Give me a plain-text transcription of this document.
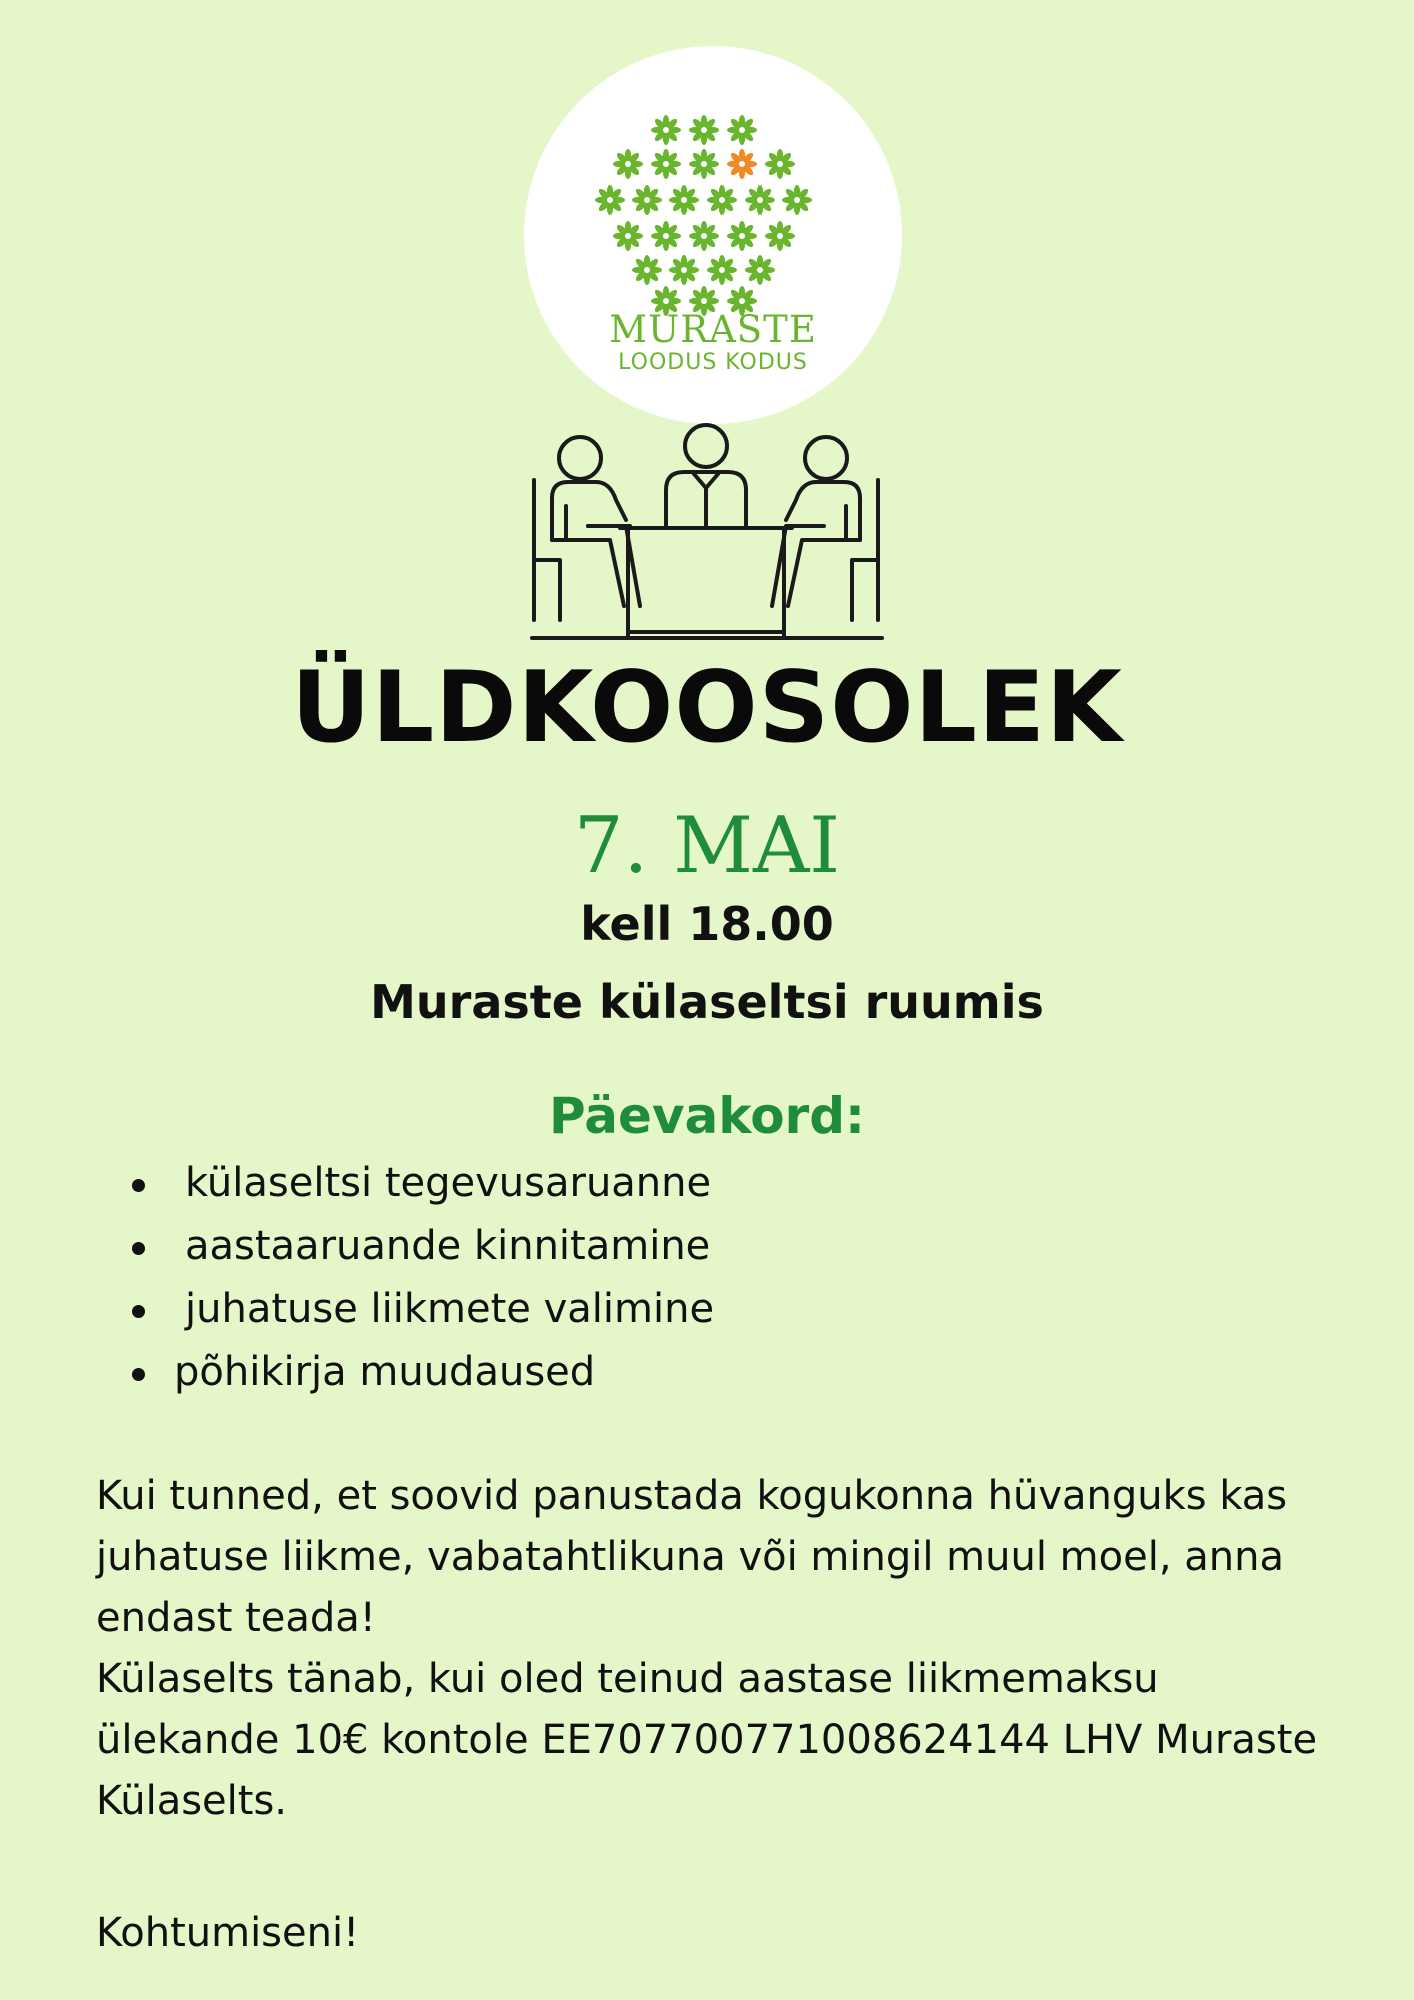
MURASTE
LOODUS KODUS
ÜLDKOOSOLEK
7. MAI
kell 18.00
Muraste külaseltsi ruumis
Päevakord:
külaseltsi tegevusaruanne
aastaaruande kinnitamine
juhatuse liikmete valimine
põhikirja muudaused
Kui tunned, et soovid panustada kogukonna hüvanguks kas
juhatuse liikme, vabatahtlikuna või mingil muul moel, anna
endast teada!
Külaselts tänab, kui oled teinud aastase liikmemaksu
ülekande 10€ kontole EE707700771008624144 LHV Muraste
Külaselts.
Kohtumiseni!
